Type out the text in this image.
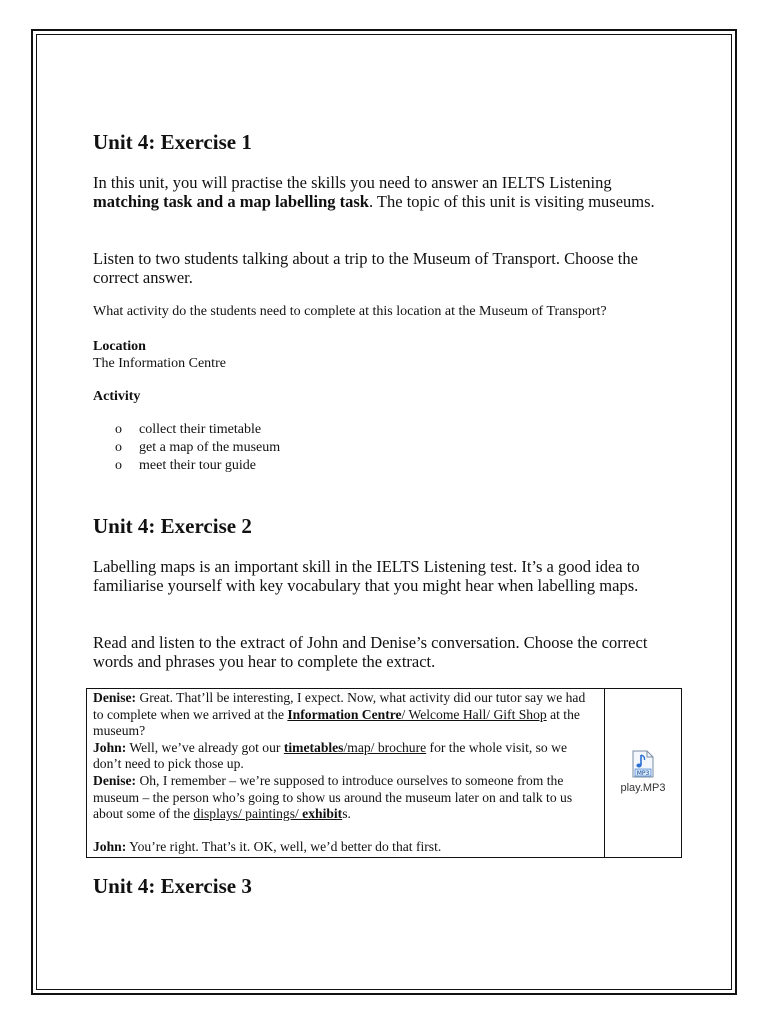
Unit 4: Exercise 1

In this unit, you will practise the skills you need to answer an IELTS Listening matching task and a map labelling task. The topic of this unit is visiting museums.

Listen to two students talking about a trip to the Museum of Transport. Choose the correct answer.

What activity do the students need to complete at this location at the Museum of Transport?

Location
The Information Centre

Activity

o	collect their timetable
o	get a map of the museum
o	meet their tour guide
Unit 4: Exercise 2

Labelling maps is an important skill in the IELTS Listening test. It’s a good idea to familiarise yourself with key vocabulary that you might hear when labelling maps.

Read and listen to the extract of John and Denise’s conversation. Choose the correct words and phrases you hear to complete the extract.

Unit 4: Exercise 3
Denise: Great. That’ll be interesting, I expect. Now, what activity did our tutor say we had to complete when we arrived at the Information Centre/ Welcome Hall/ Gift Shop at the museum?
John: Well, we’ve already got our timetables/map/ brochure for the whole visit, so we don’t need to pick those up.
Denise: Oh, I remember – we’re supposed to introduce ourselves to someone from the museum – the person who’s going to show us around the museum later on and talk to us about some of the displays/ paintings/ exhibits.

John: You’re right. That’s it. OK, well, we’d better do that first.	
MP3
play.MP3
